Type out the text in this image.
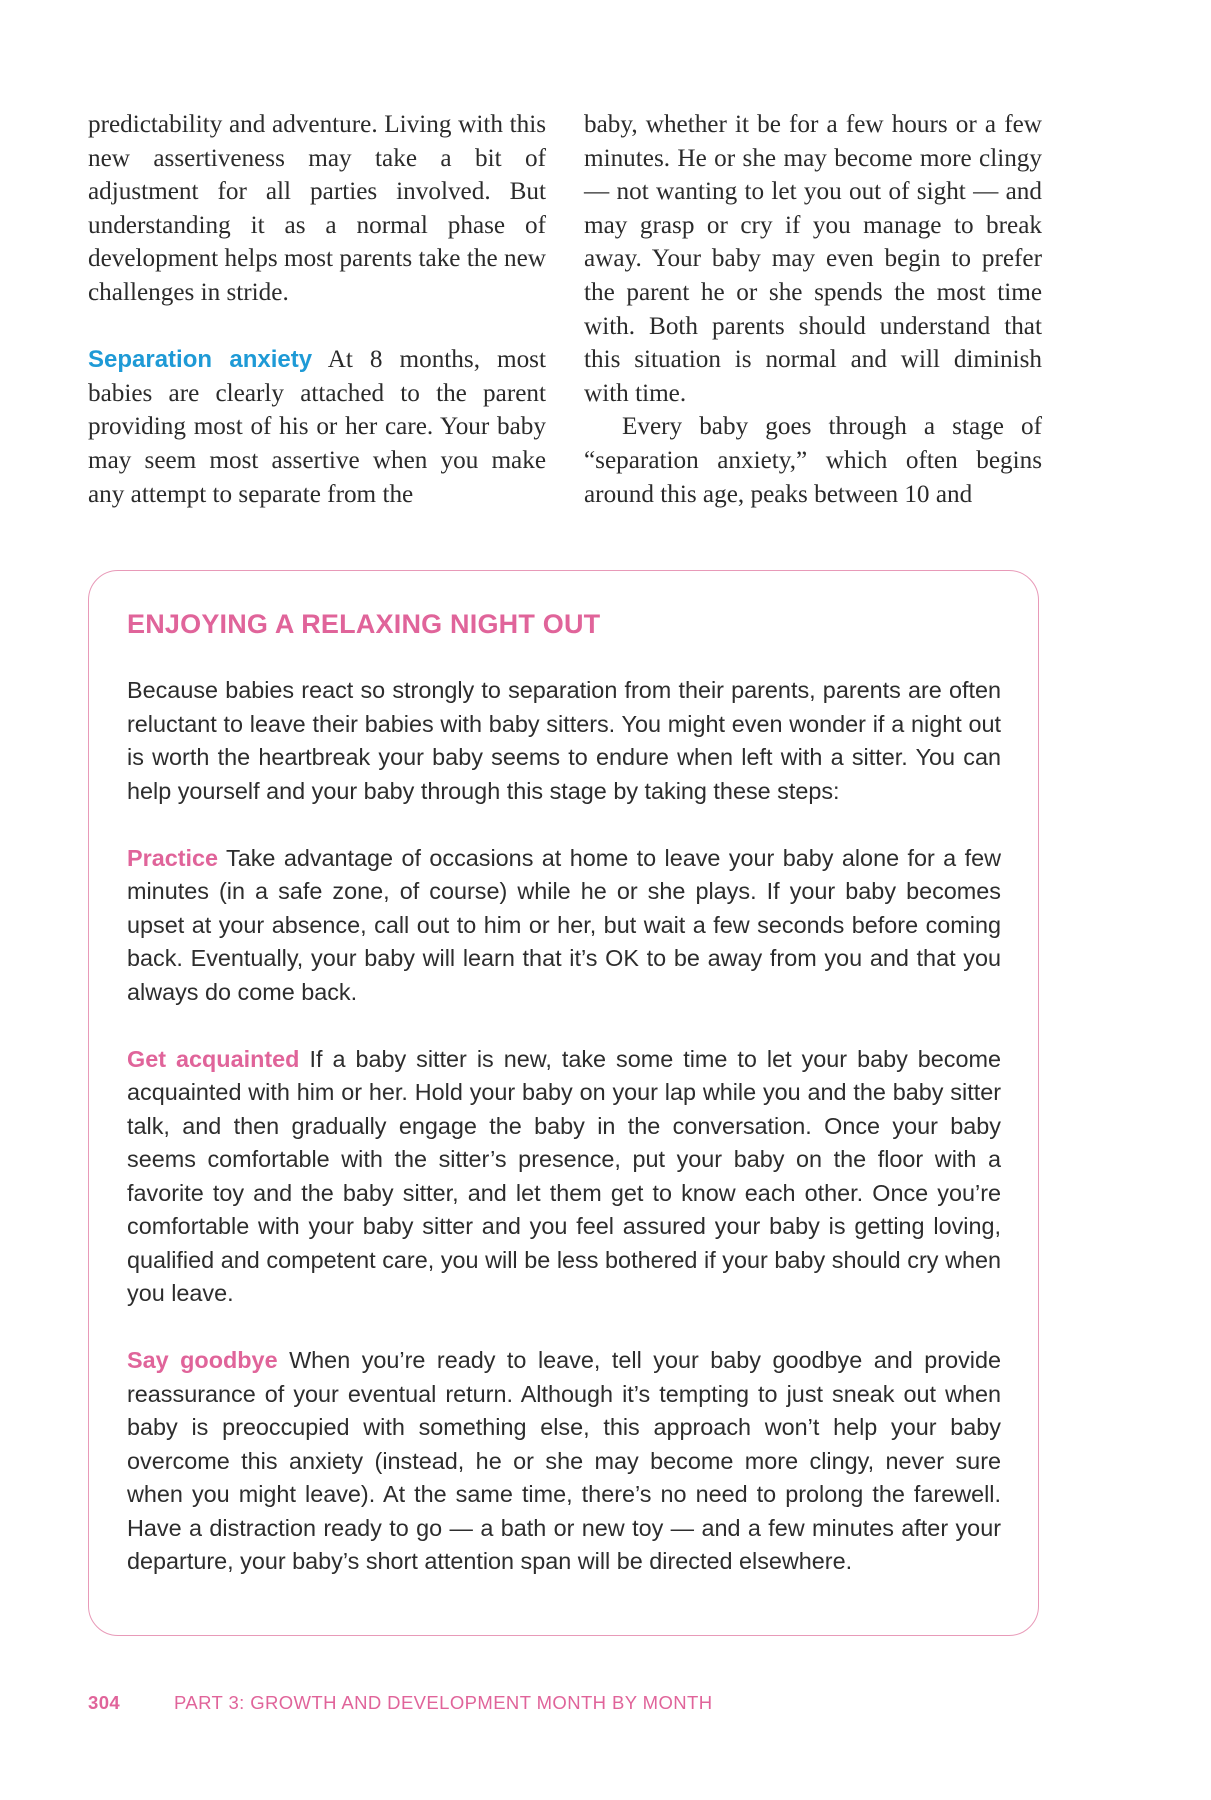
predictability and adventure. Living with this new assertiveness may take a bit of adjustment for all parties involved. But understanding it as a normal phase of development helps most parents take the new challenges in stride.

Separation anxiety At 8 months, most babies are clearly attached to the parent providing most of his or her care. Your baby may seem most assertive when you make any attempt to separate from the

baby, whether it be for a few hours or a few minutes. He or she may become more clingy — not wanting to let you out of sight — and may grasp or cry if you manage to break away. Your baby may even begin to prefer the parent he or she spends the most time with. Both parents should understand that this situation is normal and will diminish with time.

Every baby goes through a stage of “separation anxiety,” which often begins around this age, peaks between 10 and

ENJOYING A RELAXING NIGHT OUT

Because babies react so strongly to separation from their parents, parents are often reluctant to leave their babies with baby sitters. You might even wonder if a night out is worth the heartbreak your baby seems to endure when left with a sitter. You can help yourself and your baby through this stage by taking these steps:

Practice Take advantage of occasions at home to leave your baby alone for a few minutes (in a safe zone, of course) while he or she plays. If your baby becomes upset at your absence, call out to him or her, but wait a few seconds before coming back. Eventually, your baby will learn that it’s OK to be away from you and that you always do come back.

Get acquainted If a baby sitter is new, take some time to let your baby become acquainted with him or her. Hold your baby on your lap while you and the baby sitter talk, and then gradually engage the baby in the conversation. Once your baby seems comfortable with the sitter’s presence, put your baby on the floor with a favorite toy and the baby sitter, and let them get to know each other. Once you’re comfortable with your baby sitter and you feel assured your baby is getting loving, qualified and competent care, you will be less bothered if your baby should cry when you leave.

Say goodbye When you’re ready to leave, tell your baby goodbye and provide reassurance of your eventual return. Although it’s tempting to just sneak out when baby is preoccupied with something else, this approach won’t help your baby overcome this anxiety (instead, he or she may become more clingy, never sure when you might leave). At the same time, there’s no need to prolong the farewell. Have a distraction ready to go — a bath or new toy — and a few minutes after your departure, your baby’s short attention span will be directed elsewhere.

304	PART 3: GROWTH AND DEVELOPMENT MONTH BY MONTH
